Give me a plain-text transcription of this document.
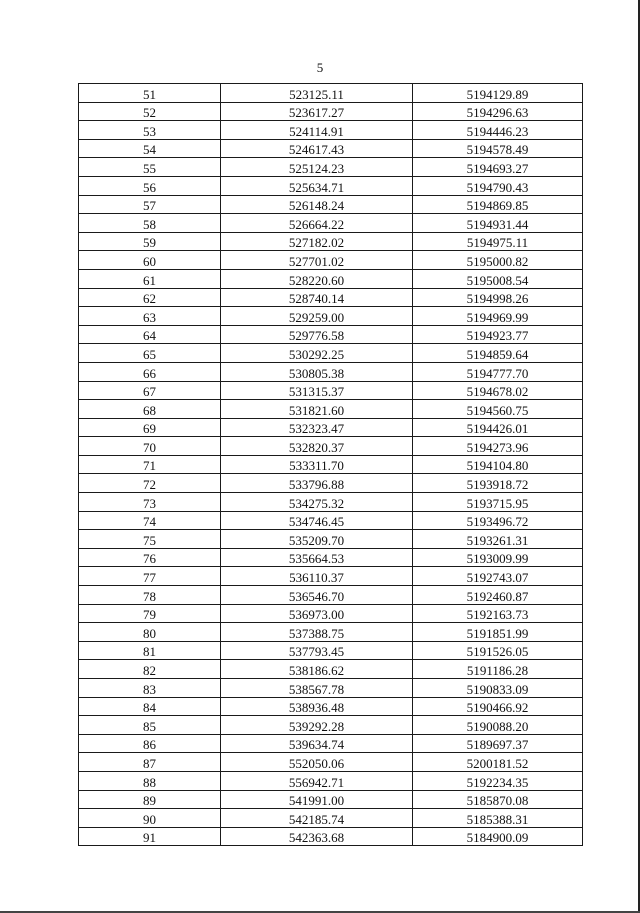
5
51	523125.11	5194129.89
52	523617.27	5194296.63
53	524114.91	5194446.23
54	524617.43	5194578.49
55	525124.23	5194693.27
56	525634.71	5194790.43
57	526148.24	5194869.85
58	526664.22	5194931.44
59	527182.02	5194975.11
60	527701.02	5195000.82
61	528220.60	5195008.54
62	528740.14	5194998.26
63	529259.00	5194969.99
64	529776.58	5194923.77
65	530292.25	5194859.64
66	530805.38	5194777.70
67	531315.37	5194678.02
68	531821.60	5194560.75
69	532323.47	5194426.01
70	532820.37	5194273.96
71	533311.70	5194104.80
72	533796.88	5193918.72
73	534275.32	5193715.95
74	534746.45	5193496.72
75	535209.70	5193261.31
76	535664.53	5193009.99
77	536110.37	5192743.07
78	536546.70	5192460.87
79	536973.00	5192163.73
80	537388.75	5191851.99
81	537793.45	5191526.05
82	538186.62	5191186.28
83	538567.78	5190833.09
84	538936.48	5190466.92
85	539292.28	5190088.20
86	539634.74	5189697.37
87	552050.06	5200181.52
88	556942.71	5192234.35
89	541991.00	5185870.08
90	542185.74	5185388.31
91	542363.68	5184900.09
